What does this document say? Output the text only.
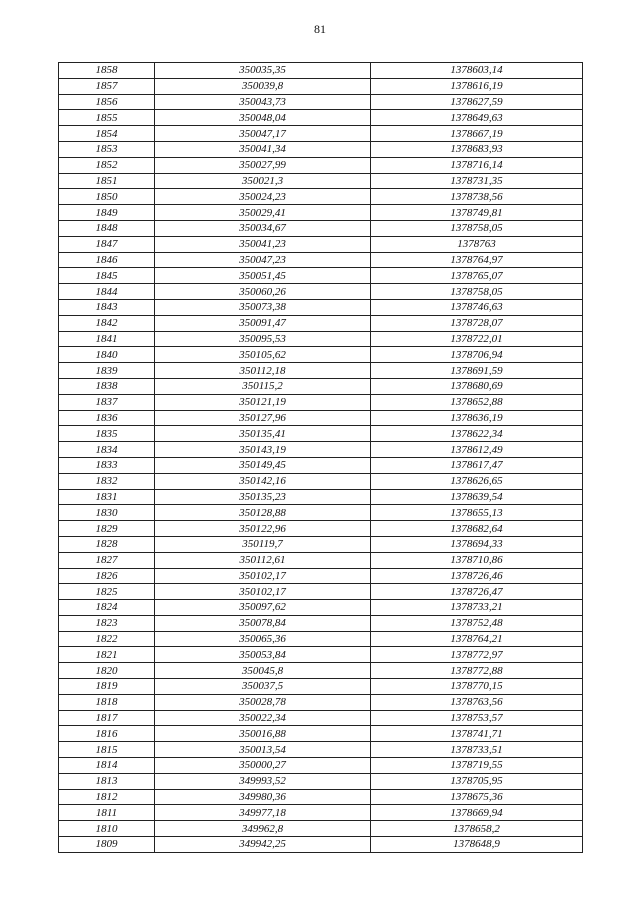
81
1858	350035,35	1378603,14
1857	350039,8	1378616,19
1856	350043,73	1378627,59
1855	350048,04	1378649,63
1854	350047,17	1378667,19
1853	350041,34	1378683,93
1852	350027,99	1378716,14
1851	350021,3	1378731,35
1850	350024,23	1378738,56
1849	350029,41	1378749,81
1848	350034,67	1378758,05
1847	350041,23	1378763
1846	350047,23	1378764,97
1845	350051,45	1378765,07
1844	350060,26	1378758,05
1843	350073,38	1378746,63
1842	350091,47	1378728,07
1841	350095,53	1378722,01
1840	350105,62	1378706,94
1839	350112,18	1378691,59
1838	350115,2	1378680,69
1837	350121,19	1378652,88
1836	350127,96	1378636,19
1835	350135,41	1378622,34
1834	350143,19	1378612,49
1833	350149,45	1378617,47
1832	350142,16	1378626,65
1831	350135,23	1378639,54
1830	350128,88	1378655,13
1829	350122,96	1378682,64
1828	350119,7	1378694,33
1827	350112,61	1378710,86
1826	350102,17	1378726,46
1825	350102,17	1378726,47
1824	350097,62	1378733,21
1823	350078,84	1378752,48
1822	350065,36	1378764,21
1821	350053,84	1378772,97
1820	350045,8	1378772,88
1819	350037,5	1378770,15
1818	350028,78	1378763,56
1817	350022,34	1378753,57
1816	350016,88	1378741,71
1815	350013,54	1378733,51
1814	350000,27	1378719,55
1813	349993,52	1378705,95
1812	349980,36	1378675,36
1811	349977,18	1378669,94
1810	349962,8	1378658,2
1809	349942,25	1378648,9
